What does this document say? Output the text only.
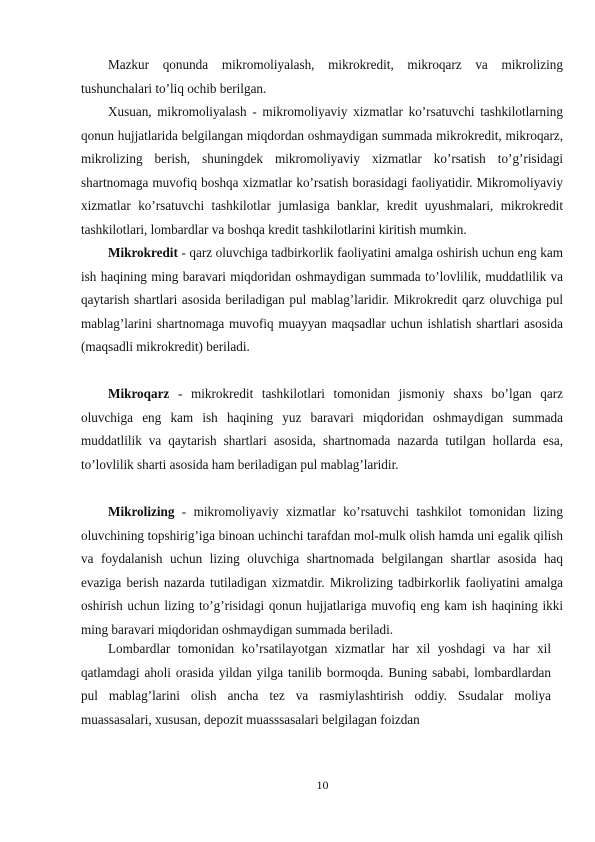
Mazkur qonunda mikromoliyalash, mikrokredit, mikroqarz va mikrolizing tushunchalari to’liq ochib berilgan.

Xusuan, mikromoliyalash - mikromoliyaviy xizmatlar ko’rsatuvchi tashkilotlarning qonun hujjatlarida belgilangan miqdordan oshmaydigan summada mikrokredit, mikroqarz, mikrolizing berish, shuningdek mikromoliyaviy xizmatlar ko’rsatish to’g’risidagi shartnomaga muvofiq boshqa xizmatlar ko’rsatish borasidagi faoliyatidir. Mikromoliyaviy xizmatlar ko’rsatuvchi tashkilotlar jumlasiga banklar, kredit uyushmalari, mikrokredit tashkilotlari, lombardlar va boshqa kredit tashkilotlarini kiritish mumkin.

Mikrokredit - qarz oluvchiga tadbirkorlik faoliyatini amalga oshirish uchun eng kam ish haqining ming baravari miqdoridan oshmaydigan summada to’lovlilik, muddatlilik va qaytarish shartlari asosida beriladigan pul mablag’laridir. Mikrokredit qarz oluvchiga pul mablag’larini shartnomaga muvofiq muayyan maqsadlar uchun ishlatish shartlari asosida (maqsadli mikrokredit) beriladi.

Mikroqarz - mikrokredit tashkilotlari tomonidan jismoniy shaxs bo’lgan qarz oluvchiga eng kam ish haqining yuz baravari miqdoridan oshmaydigan summada muddatlilik va qaytarish shartlari asosida, shartnomada nazarda tutilgan hollarda esa, to’lovlilik sharti asosida ham beriladigan pul mablag’laridir.

Mikrolizing - mikromoliyaviy xizmatlar ko’rsatuvchi tashkilot tomonidan lizing oluvchining topshirig’iga binoan uchinchi tarafdan mol-mulk olish hamda uni egalik qilish va foydalanish uchun lizing oluvchiga shartnomada belgilangan shartlar asosida haq evaziga berish nazarda tutiladigan xizmatdir. Mikrolizing tadbirkorlik faoliyatini amalga oshirish uchun lizing to’g’risidagi qonun hujjatlariga muvofiq eng kam ish haqining ikki ming baravari miqdoridan oshmaydigan summada beriladi.

Lombardlar tomonidan ko’rsatilayotgan xizmatlar har xil yoshdagi va har xil qatlamdagi aholi orasida yildan yilga tanilib bormoqda. Buning sababi, lombardlardan pul mablag’larini olish ancha tez va rasmiylashtirish oddiy. Ssudalar moliya muassasalari, xususan, depozit muasssasalari belgilagan foizdan

10
